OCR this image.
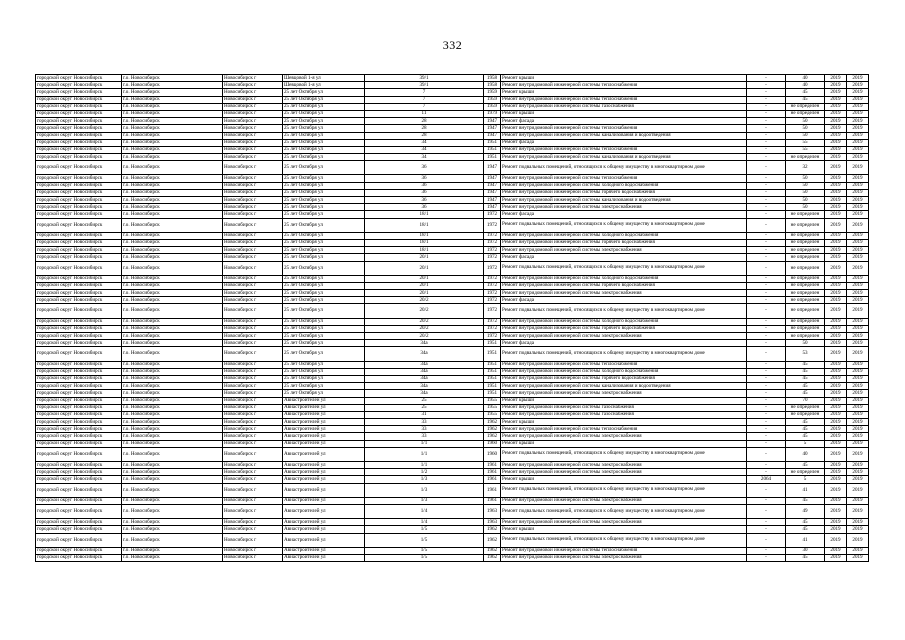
332
городской округ Новосибирск	г.о. Новосибирск	Новосибирск г	Шевцовой 1-я ул	39/1	1958	Ремонт крыши	-	40	2019	2019
городской округ Новосибирск	г.о. Новосибирск	Новосибирск г	Шевцовой 1-я ул	39/1	1958	Ремонт внутридомовой инженерной системы теплоснабжения	-	40	2019	2019
городской округ Новосибирск	г.о. Новосибирск	Новосибирск г	25 лет Октября ул	7	1959	Ремонт крыши	-	45	2019	2019
городской округ Новосибирск	г.о. Новосибирск	Новосибирск г	25 лет Октября ул	7	1959	Ремонт внутридомовой инженерной системы теплоснабжения	-	45	2019	2019
городской округ Новосибирск	г.о. Новосибирск	Новосибирск г	25 лет Октября ул	7	1959	Ремонт внутридомовой инженерной системы газоснабжения	-	не определен	2019	2019
городской округ Новосибирск	г.о. Новосибирск	Новосибирск г	25 лет Октября ул	11	1979	Ремонт крыши	-	не определен	2019	2019
городской округ Новосибирск	г.о. Новосибирск	Новосибирск г	25 лет Октября ул	28	1947	Ремонт фасада	-	50	2019	2019
городской округ Новосибирск	г.о. Новосибирск	Новосибирск г	25 лет Октября ул	28	1947	Ремонт внутридомовой инженерной системы теплоснабжения	-	50	2019	2019
городской округ Новосибирск	г.о. Новосибирск	Новосибирск г	25 лет Октября ул	28	1947	Ремонт внутридомовой инженерной системы канализования и водоотведения	-	50	2019	2019
городской округ Новосибирск	г.о. Новосибирск	Новосибирск г	25 лет Октября ул	34	1951	Ремонт фасада	-	55	2019	2019
городской округ Новосибирск	г.о. Новосибирск	Новосибирск г	25 лет Октября ул	34	1951	Ремонт внутридомовой инженерной системы теплоснабжения	-	55	2019	2019
городской округ Новосибирск	г.о. Новосибирск	Новосибирск г	25 лет Октября ул	34	1951	Ремонт внутридомовой инженерной системы канализования и водоотведения	-	не определен	2019	2019
городской округ Новосибирск	г.о. Новосибирск	Новосибирск г	25 лет Октября ул	36	1947	Ремонт подвальных помещений, относящихся к общему имуществу в многоквартирном доме	-	32	2019	2019
городской округ Новосибирск	г.о. Новосибирск	Новосибирск г	25 лет Октября ул	36	1947	Ремонт внутридомовой инженерной системы теплоснабжения	-	50	2019	2019
городской округ Новосибирск	г.о. Новосибирск	Новосибирск г	25 лет Октября ул	36	1947	Ремонт внутридомовой инженерной системы холодного водоснабжения	-	50	2019	2019
городской округ Новосибирск	г.о. Новосибирск	Новосибирск г	25 лет Октября ул	36	1947	Ремонт внутридомовой инженерной системы горячего водоснабжения	-	50	2019	2019
городской округ Новосибирск	г.о. Новосибирск	Новосибирск г	25 лет Октября ул	36	1947	Ремонт внутридомовой инженерной системы канализования и водоотведения	-	50	2019	2019
городской округ Новосибирск	г.о. Новосибирск	Новосибирск г	25 лет Октября ул	36	1947	Ремонт внутридомовой инженерной системы электроснабжения	-	50	2019	2019
городской округ Новосибирск	г.о. Новосибирск	Новосибирск г	25 лет Октября ул	18/1	1972	Ремонт фасада	-	не определен	2019	2019
городской округ Новосибирск	г.о. Новосибирск	Новосибирск г	25 лет Октября ул	18/1	1972	Ремонт подвальных помещений, относящихся к общему имуществу в многоквартирном доме	-	не определен	2019	2019
городской округ Новосибирск	г.о. Новосибирск	Новосибирск г	25 лет Октября ул	18/1	1972	Ремонт внутридомовой инженерной системы холодного водоснабжения	-	не определен	2019	2019
городской округ Новосибирск	г.о. Новосибирск	Новосибирск г	25 лет Октября ул	18/1	1972	Ремонт внутридомовой инженерной системы горячего водоснабжения	-	не определен	2019	2019
городской округ Новосибирск	г.о. Новосибирск	Новосибирск г	25 лет Октября ул	18/1	1972	Ремонт внутридомовой инженерной системы электроснабжения	-	не определен	2019	2019
городской округ Новосибирск	г.о. Новосибирск	Новосибирск г	25 лет Октября ул	20/1	1972	Ремонт фасада	-	не определен	2019	2019
городской округ Новосибирск	г.о. Новосибирск	Новосибирск г	25 лет Октября ул	20/1	1972	Ремонт подвальных помещений, относящихся к общему имуществу в многоквартирном доме	-	не определен	2019	2019
городской округ Новосибирск	г.о. Новосибирск	Новосибирск г	25 лет Октября ул	20/1	1972	Ремонт внутридомовой инженерной системы холодного водоснабжения	-	не определен	2019	2019
городской округ Новосибирск	г.о. Новосибирск	Новосибирск г	25 лет Октября ул	20/1	1972	Ремонт внутридомовой инженерной системы горячего водоснабжения	-	не определен	2019	2019
городской округ Новосибирск	г.о. Новосибирск	Новосибирск г	25 лет Октября ул	20/1	1972	Ремонт внутридомовой инженерной системы электроснабжения	-	не определен	2019	2019
городской округ Новосибирск	г.о. Новосибирск	Новосибирск г	25 лет Октября ул	20/2	1972	Ремонт фасада	-	не определен	2019	2019
городской округ Новосибирск	г.о. Новосибирск	Новосибирск г	25 лет Октября ул	20/2	1972	Ремонт подвальных помещений, относящихся к общему имуществу в многоквартирном доме	-	не определен	2019	2019
городской округ Новосибирск	г.о. Новосибирск	Новосибирск г	25 лет Октября ул	20/2	1972	Ремонт внутридомовой инженерной системы холодного водоснабжения	-	не определен	2019	2019
городской округ Новосибирск	г.о. Новосибирск	Новосибирск г	25 лет Октября ул	20/2	1972	Ремонт внутридомовой инженерной системы горячего водоснабжения	-	не определен	2019	2019
городской округ Новосибирск	г.о. Новосибирск	Новосибирск г	25 лет Октября ул	20/2	1972	Ремонт внутридомовой инженерной системы электроснабжения	-	не определен	2019	2019
городской округ Новосибирск	г.о. Новосибирск	Новосибирск г	25 лет Октября ул	34а	1951	Ремонт фасада	-	50	2019	2019
городской округ Новосибирск	г.о. Новосибирск	Новосибирск г	25 лет Октября ул	34а	1951	Ремонт подвальных помещений, относящихся к общему имуществу в многоквартирном доме	-	53	2019	2019
городской округ Новосибирск	г.о. Новосибирск	Новосибирск г	25 лет Октября ул	34а	1951	Ремонт внутридомовой инженерной системы теплоснабжения	-	45	2019	2019
городской округ Новосибирск	г.о. Новосибирск	Новосибирск г	25 лет Октября ул	34а	1951	Ремонт внутридомовой инженерной системы холодного водоснабжения	-	45	2019	2019
городской округ Новосибирск	г.о. Новосибирск	Новосибирск г	25 лет Октября ул	34а	1951	Ремонт внутридомовой инженерной системы горячего водоснабжения	-	45	2019	2019
городской округ Новосибирск	г.о. Новосибирск	Новосибирск г	25 лет Октября ул	34а	1951	Ремонт внутридомовой инженерной системы канализования и водоотведения	-	45	2019	2019
городской округ Новосибирск	г.о. Новосибирск	Новосибирск г	25 лет Октября ул	34а	1951	Ремонт внутридомовой инженерной системы электроснабжения	-	45	2019	2019
городской округ Новосибирск	г.о. Новосибирск	Новосибирск г	Авиастроителей ул	25	1955	Ремонт крыши	-	70	2019	2019
городской округ Новосибирск	г.о. Новосибирск	Новосибирск г	Авиастроителей ул	25	1955	Ремонт внутридомовой инженерной системы газоснабжения	-	не определен	2019	2019
городской округ Новосибирск	г.о. Новосибирск	Новосибирск г	Авиастроителей ул	31	1955	Ремонт внутридомовой инженерной системы газоснабжения	-	не определен	2019	2019
городской округ Новосибирск	г.о. Новосибирск	Новосибирск г	Авиастроителей ул	33	1962	Ремонт крыши	-	45	2019	2019
городской округ Новосибирск	г.о. Новосибирск	Новосибирск г	Авиастроителей ул	33	1962	Ремонт внутридомовой инженерной системы теплоснабжения	-	45	2019	2019
городской округ Новосибирск	г.о. Новосибирск	Новосибирск г	Авиастроителей ул	33	1962	Ремонт внутридомовой инженерной системы электроснабжения	-	45	2019	2019
городской округ Новосибирск	г.о. Новосибирск	Новосибирск г	Авиастроителей ул	1/1	1960	Ремонт крыши	-	5	2019	2019
городской округ Новосибирск	г.о. Новосибирск	Новосибирск г	Авиастроителей ул	1/1	1960	Ремонт подвальных помещений, относящихся к общему имуществу в многоквартирном доме	-	40	2019	2019
городской округ Новосибирск	г.о. Новосибирск	Новосибирск г	Авиастроителей ул	1/1	1961	Ремонт внутридомовой инженерной системы электроснабжения	-	45	2019	2019
городской округ Новосибирск	г.о. Новосибирск	Новосибирск г	Авиастроителей ул	1/2	1961	Ремонт внутридомовой инженерной системы электроснабжения	-	не определен	2019	2019
городской округ Новосибирск	г.о. Новосибирск	Новосибирск г	Авиастроителей ул	1/3	1961	Ремонт крыши	2064	5	2019	2019
городской округ Новосибирск	г.о. Новосибирск	Новосибирск г	Авиастроителей ул	1/3	1961	Ремонт подвальных помещений, относящихся к общему имуществу в многоквартирном доме	-	41	2019	2019
городской округ Новосибирск	г.о. Новосибирск	Новосибирск г	Авиастроителей ул	1/3	1961	Ремонт внутридомовой инженерной системы электроснабжения	-	45	2019	2019
городской округ Новосибирск	г.о. Новосибирск	Новосибирск г	Авиастроителей ул	1/4	1963	Ремонт подвальных помещений, относящихся к общему имуществу в многоквартирном доме	-	49	2019	2019
городской округ Новосибирск	г.о. Новосибирск	Новосибирск г	Авиастроителей ул	1/4	1963	Ремонт внутридомовой инженерной системы электроснабжения	-	45	2019	2019
городской округ Новосибирск	г.о. Новосибирск	Новосибирск г	Авиастроителей ул	1/5	1962	Ремонт крыши	-	45	2019	2019
городской округ Новосибирск	г.о. Новосибирск	Новосибирск г	Авиастроителей ул	1/5	1962	Ремонт подвальных помещений, относящихся к общему имуществу в многоквартирном доме	-	41	2019	2019
городской округ Новосибирск	г.о. Новосибирск	Новосибирск г	Авиастроителей ул	1/5	1962	Ремонт внутридомовой инженерной системы теплоснабжения	-	30	2019	2019
городской округ Новосибирск	г.о. Новосибирск	Новосибирск г	Авиастроителей ул	1/5	1962	Ремонт внутридомовой инженерной системы электроснабжения	-	45	2019	2019
